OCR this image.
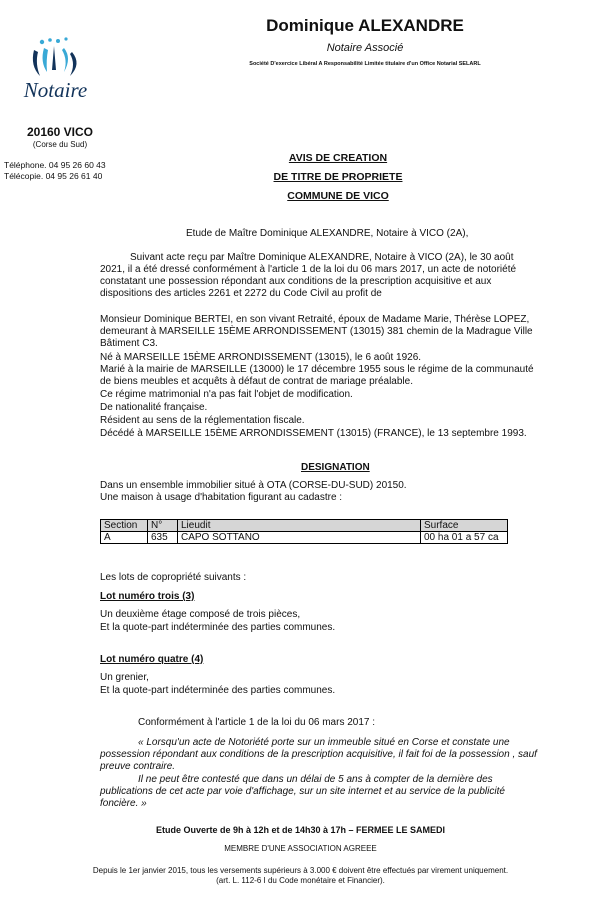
Notaire
20160 VICO
(Corse du Sud)
Téléphone. 04 95 26 60 43
Télécopie. 04 95 26 61 40
Dominique ALEXANDRE
Notaire Associé
Société D'exercice Libéral A Responsabilité Limitée titulaire d'un Office Notarial SELARL
AVIS DE CREATION
DE TITRE DE PROPRIETE
COMMUNE DE VICO
Etude de Maître Dominique ALEXANDRE, Notaire à VICO (2A),
Suivant acte reçu par Maître Dominique ALEXANDRE, Notaire à VICO (2A), le 30 août
2021, il a été dressé conformément à l'article 1 de la loi du 06 mars 2017, un acte de notoriété
constatant une possession répondant aux conditions de la prescription acquisitive et aux
dispositions des articles 2261 et 2272 du Code Civil au profit de
Monsieur Dominique BERTEI, en son vivant Retraité, époux de Madame Marie, Thérèse LOPEZ,
demeurant à MARSEILLE 15ÈME ARRONDISSEMENT (13015) 381 chemin de la Madrague Ville
Bâtiment C3.
Né à MARSEILLE 15ÈME ARRONDISSEMENT (13015), le 6 août 1926.
Marié à la mairie de MARSEILLE (13000) le 17 décembre 1955 sous le régime de la communauté
de biens meubles et acquêts à défaut de contrat de mariage préalable.
Ce régime matrimonial n'a pas fait l'objet de modification.
De nationalité française.
Résident au sens de la réglementation fiscale.
Décédé à MARSEILLE 15ÈME ARRONDISSEMENT (13015) (FRANCE), le 13 septembre 1993.
DESIGNATION
Dans un ensemble immobilier situé à OTA (CORSE-DU-SUD) 20150.
Une maison à usage d'habitation figurant au cadastre :
Section	N°	Lieudit	Surface
A	635	CAPO SOTTANO	00 ha 01 a 57 ca
Les lots de copropriété suivants :
Lot numéro trois (3)
Un deuxième étage composé de trois pièces,
Et la quote-part indéterminée des parties communes.
Lot numéro quatre (4)
Un grenier,
Et la quote-part indéterminée des parties communes.
Conformément à l'article 1 de la loi du 06 mars 2017 :
« Lorsqu'un acte de Notoriété porte sur un immeuble situé en Corse et constate une
possession répondant aux conditions de la prescription acquisitive, il fait foi de la possession , sauf
preuve contraire.
Il ne peut être contesté que dans un délai de 5 ans à compter de la dernière des
publications de cet acte par voie d'affichage, sur un site internet et au service de la publicité
foncière. »
Etude Ouverte de 9h à 12h et de 14h30 à 17h – FERMEE LE SAMEDI
MEMBRE D'UNE ASSOCIATION AGREEE
Depuis le 1er janvier 2015, tous les versements supérieurs à 3.000 € doivent être effectués par virement uniquement.
(art. L. 112-6 I du Code monétaire et Financier).
